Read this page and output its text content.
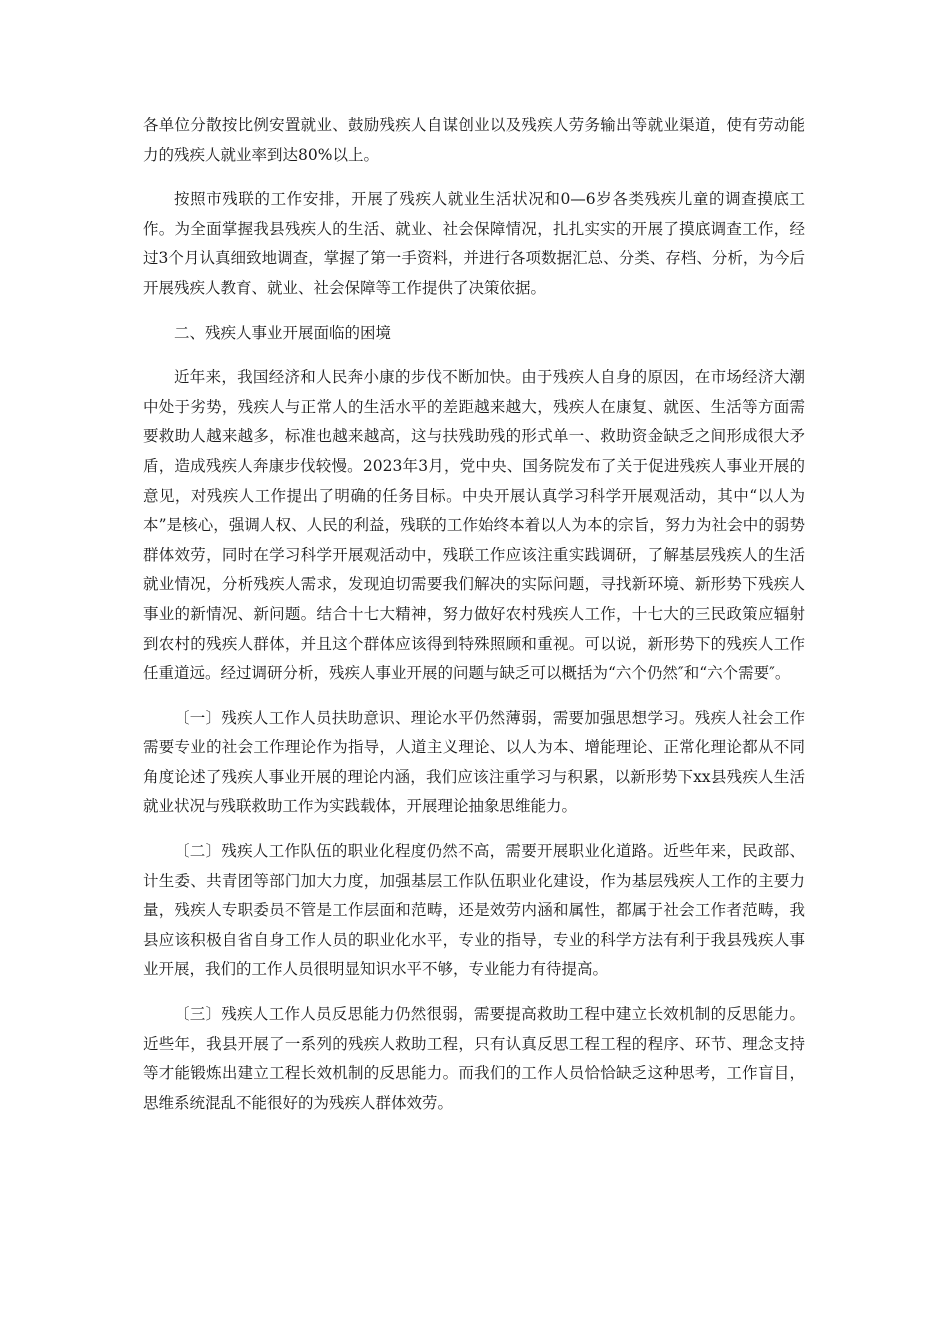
各单位分散按比例安置就业、鼓励残疾人自谋创业以及残疾人劳务输出等就业渠道，使有劳动能力的残疾人就业率到达80%以上。

按照市残联的工作安排，开展了残疾人就业生活状况和0—6岁各类残疾儿童的调查摸底工作。为全面掌握我县残疾人的生活、就业、社会保障情况，扎扎实实的开展了摸底调查工作，经过3个月认真细致地调查，掌握了第一手资料，并进行各项数据汇总、分类、存档、分析，为今后开展残疾人教育、就业、社会保障等工作提供了决策依据。

二、残疾人事业开展面临的困境

近年来，我国经济和人民奔小康的步伐不断加快。由于残疾人自身的原因，在市场经济大潮中处于劣势，残疾人与正常人的生活水平的差距越来越大，残疾人在康复、就医、生活等方面需要救助人越来越多，标准也越来越高，这与扶残助残的形式单一、救助资金缺乏之间形成很大矛盾，造成残疾人奔康步伐较慢。2023年3月，党中央、国务院发布了关于促进残疾人事业开展的意见，对残疾人工作提出了明确的任务目标。中央开展认真学习科学开展观活动，其中“以人为本”是核心，强调人权、人民的利益，残联的工作始终本着以人为本的宗旨，努力为社会中的弱势群体效劳，同时在学习科学开展观活动中，残联工作应该注重实践调研，了解基层残疾人的生活就业情况，分析残疾人需求，发现迫切需要我们解决的实际问题，寻找新环境、新形势下残疾人事业的新情况、新问题。结合十七大精神，努力做好农村残疾人工作，十七大的三民政策应辐射到农村的残疾人群体，并且这个群体应该得到特殊照顾和重视。可以说，新形势下的残疾人工作任重道远。经过调研分析，残疾人事业开展的问题与缺乏可以概括为“六个仍然″和“六个需要″。

〔一〕残疾人工作人员扶助意识、理论水平仍然薄弱，需要加强思想学习。残疾人社会工作需要专业的社会工作理论作为指导，人道主义理论、以人为本、增能理论、正常化理论都从不同角度论述了残疾人事业开展的理论内涵，我们应该注重学习与积累，以新形势下xx县残疾人生活就业状况与残联救助工作为实践载体，开展理论抽象思维能力。

〔二〕残疾人工作队伍的职业化程度仍然不高，需要开展职业化道路。近些年来，民政部、计生委、共青团等部门加大力度，加强基层工作队伍职业化建设，作为基层残疾人工作的主要力量，残疾人专职委员不管是工作层面和范畴，还是效劳内涵和属性，都属于社会工作者范畴，我县应该积极自省自身工作人员的职业化水平，专业的指导，专业的科学方法有利于我县残疾人事业开展，我们的工作人员很明显知识水平不够，专业能力有待提高。

〔三〕残疾人工作人员反思能力仍然很弱，需要提高救助工程中建立长效机制的反思能力。近些年，我县开展了一系列的残疾人救助工程，只有认真反思工程工程的程序、环节、理念支持等才能锻炼出建立工程长效机制的反思能力。而我们的工作人员恰恰缺乏这种思考，工作盲目，思维系统混乱不能很好的为残疾人群体效劳。
